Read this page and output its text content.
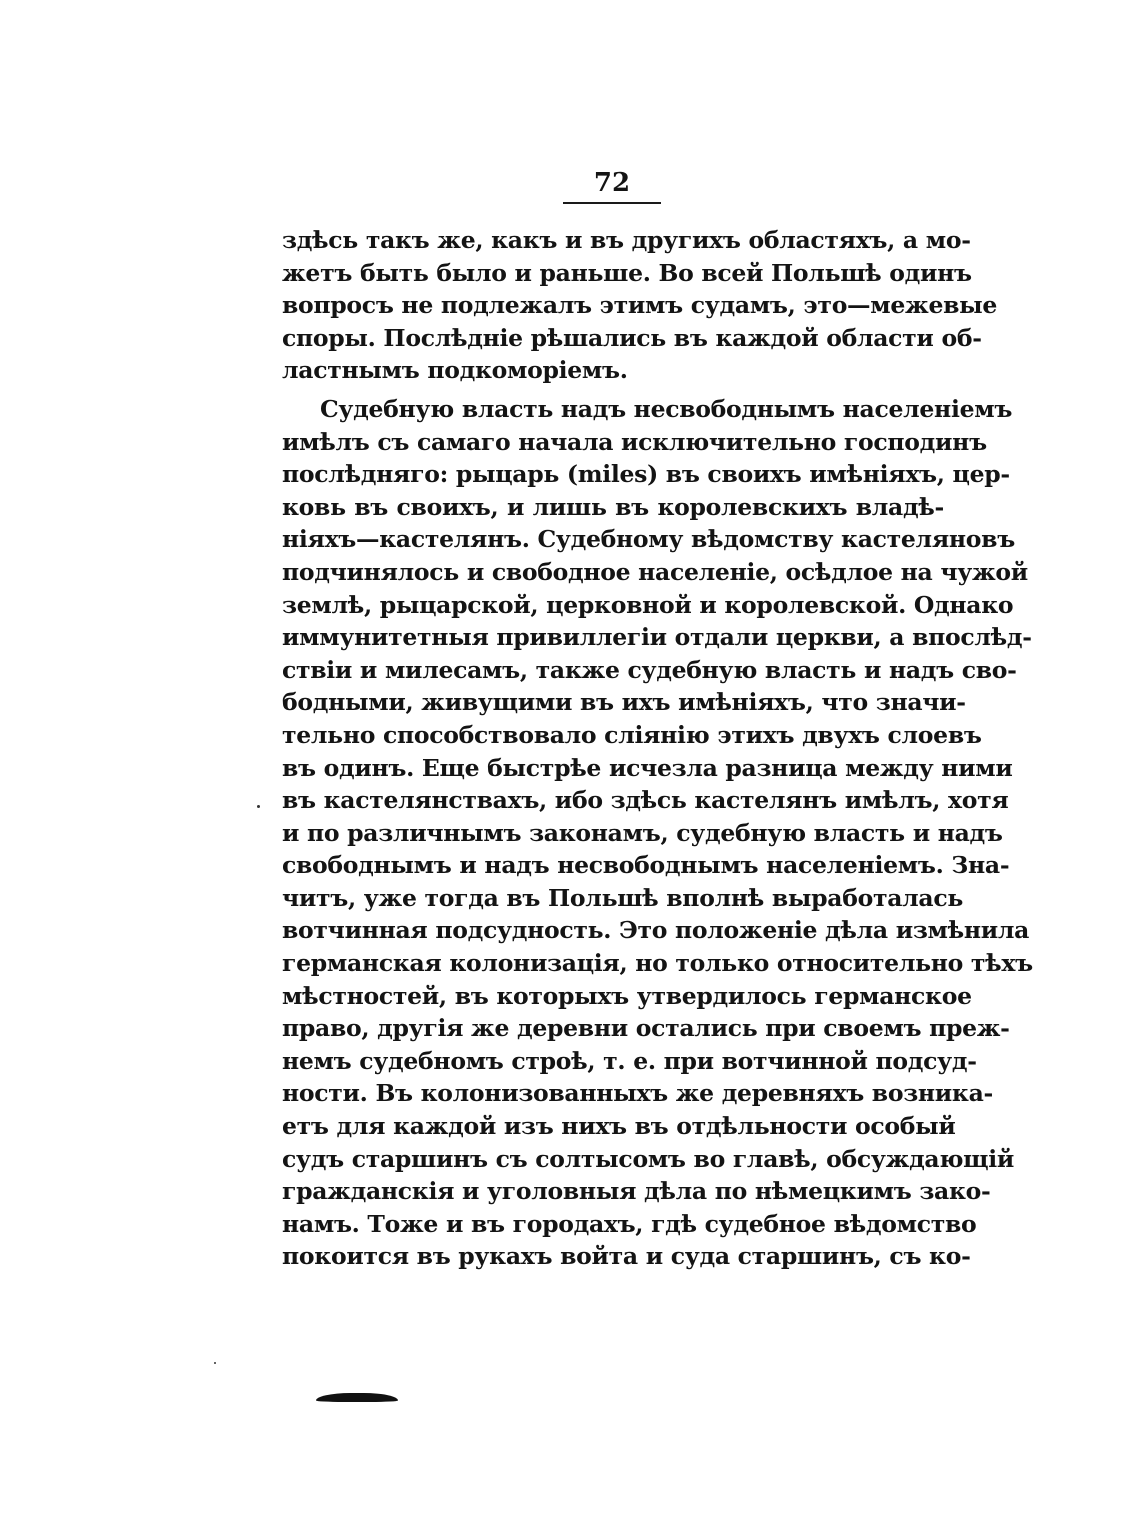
72
здѣсь такъ же, какъ и въ другихъ областяхъ, а мо-
жетъ быть было и раньше. Во всей Польшѣ одинъ
вопросъ не подлежалъ этимъ судамъ, это—межевые
споры. Послѣдніе рѣшались въ каждой области об-
ластнымъ подкоморіемъ.
Судебную власть надъ несвободнымъ населеніемъ
имѣлъ съ самаго начала исключительно господинъ
послѣдняго: рыцарь (miles) въ своихъ имѣніяхъ, цер-
ковь въ своихъ, и лишь въ королевскихъ владѣ-
ніяхъ—кастелянъ. Судебному вѣдомству кастеляновъ
подчинялось и свободное населеніе, осѣдлое на чужой
землѣ, рыцарской, церковной и королевской. Однако
иммунитетныя привиллегіи отдали церкви, а впослѣд-
ствіи и милесамъ, также судебную власть и надъ сво-
бодными, живущими въ ихъ имѣніяхъ, что значи-
тельно способствовало слiянiю этихъ двухъ слоевъ
въ одинъ. Еще быстрѣе исчезла разница между ними
въ кастелянствахъ, ибо здѣсь кастелянъ имѣлъ, хотя
и по различнымъ законамъ, судебную власть и надъ
свободнымъ и надъ несвободнымъ населенiемъ. Зна-
читъ, уже тогда въ Польшѣ вполнѣ выработалась
вотчинная подсудность. Это положеніе дѣла измѣнила
германская колонизація, но только относительно тѣхъ
мѣстностей, въ которыхъ утвердилось германское
право, другія же деревни остались при своемъ преж-
немъ судебномъ строѣ, т. е. при вотчинной подсуд-
ности. Въ колонизованныхъ же деревняхъ возника-
етъ для каждой изъ нихъ въ отдѣльности особый
судъ старшинъ съ солтысомъ во главѣ, обсуждающій
гражданскія и уголовныя дѣла по нѣмецкимъ зако-
намъ. Тоже и въ городахъ, гдѣ судебное вѣдомство
покоится въ рукахъ войта и суда старшинъ, съ ко-
